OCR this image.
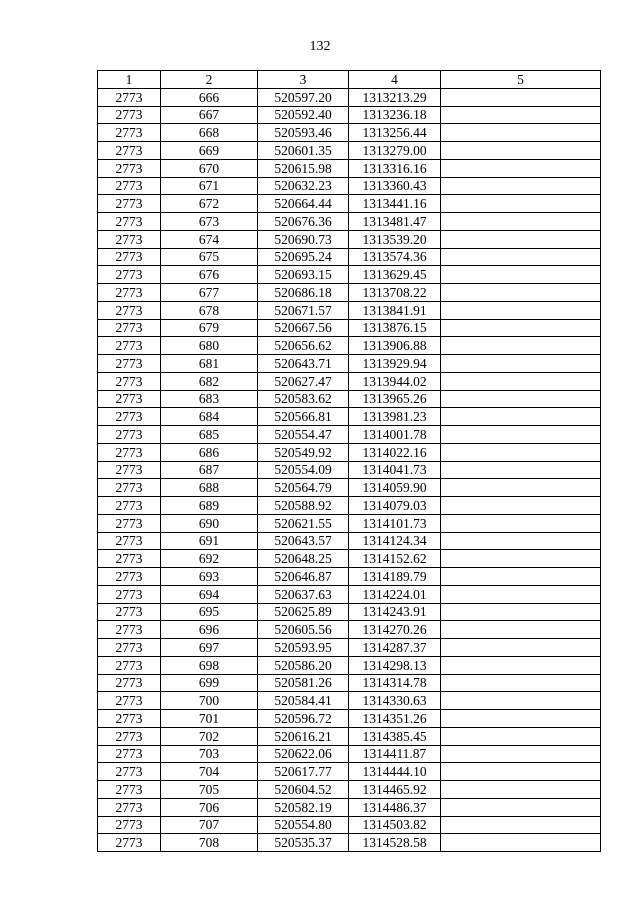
132
1	2	3	4	5
2773	666	520597.20	1313213.29	
2773	667	520592.40	1313236.18	
2773	668	520593.46	1313256.44	
2773	669	520601.35	1313279.00	
2773	670	520615.98	1313316.16	
2773	671	520632.23	1313360.43	
2773	672	520664.44	1313441.16	
2773	673	520676.36	1313481.47	
2773	674	520690.73	1313539.20	
2773	675	520695.24	1313574.36	
2773	676	520693.15	1313629.45	
2773	677	520686.18	1313708.22	
2773	678	520671.57	1313841.91	
2773	679	520667.56	1313876.15	
2773	680	520656.62	1313906.88	
2773	681	520643.71	1313929.94	
2773	682	520627.47	1313944.02	
2773	683	520583.62	1313965.26	
2773	684	520566.81	1313981.23	
2773	685	520554.47	1314001.78	
2773	686	520549.92	1314022.16	
2773	687	520554.09	1314041.73	
2773	688	520564.79	1314059.90	
2773	689	520588.92	1314079.03	
2773	690	520621.55	1314101.73	
2773	691	520643.57	1314124.34	
2773	692	520648.25	1314152.62	
2773	693	520646.87	1314189.79	
2773	694	520637.63	1314224.01	
2773	695	520625.89	1314243.91	
2773	696	520605.56	1314270.26	
2773	697	520593.95	1314287.37	
2773	698	520586.20	1314298.13	
2773	699	520581.26	1314314.78	
2773	700	520584.41	1314330.63	
2773	701	520596.72	1314351.26	
2773	702	520616.21	1314385.45	
2773	703	520622.06	1314411.87	
2773	704	520617.77	1314444.10	
2773	705	520604.52	1314465.92	
2773	706	520582.19	1314486.37	
2773	707	520554.80	1314503.82	
2773	708	520535.37	1314528.58	
